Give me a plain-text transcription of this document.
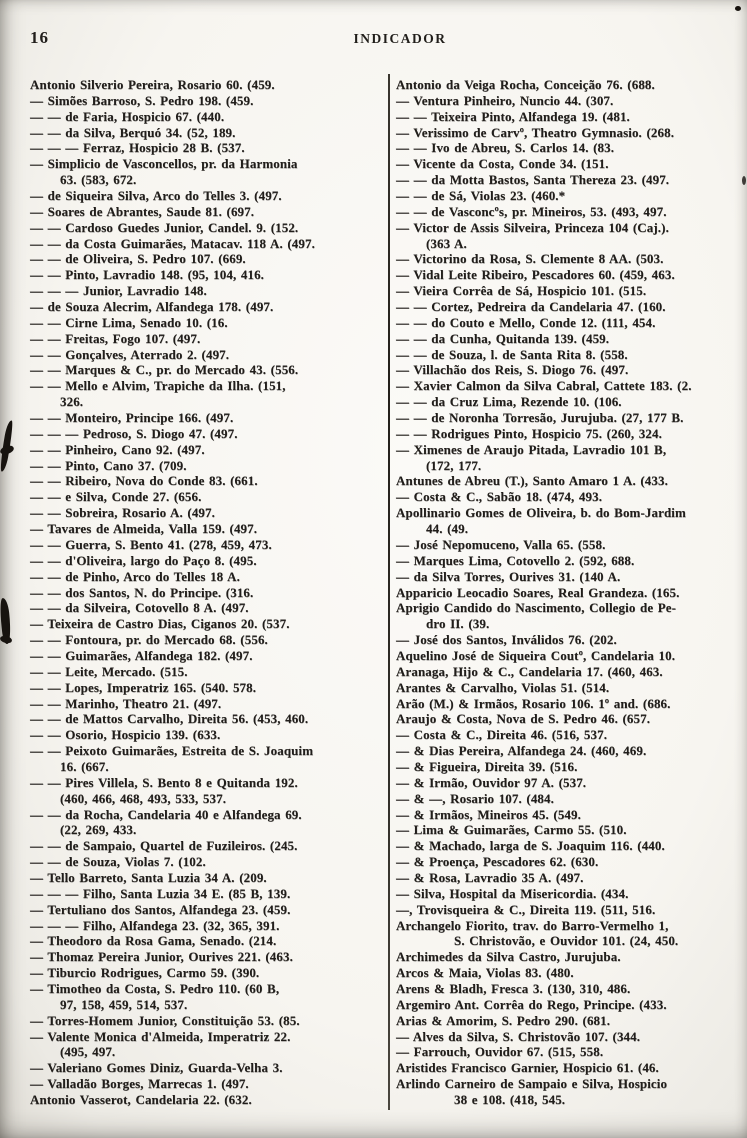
16	INDICADOR
Antonio Silverio Pereira, Rosario 60. (459.
— Simões Barroso, S. Pedro 198. (459.
— — de Faria, Hospicio 67. (440.
— — da Silva, Berquó 34. (52, 189.
— — — Ferraz, Hospicio 28 B. (537.
— Simplicio de Vasconcellos, pr. da Harmonia
63. (583, 672.
— de Siqueira Silva, Arco do Telles 3. (497.
— Soares de Abrantes, Saude 81. (697.
— — Cardoso Guedes Junior, Candel. 9. (152.
— — da Costa Guimarães, Matacav. 118 A. (497.
— — de Oliveira, S. Pedro 107. (669.
— — Pinto, Lavradio 148. (95, 104, 416.
— — — Junior, Lavradio 148.
— de Souza Alecrim, Alfandega 178. (497.
— — Cirne Lima, Senado 10. (16.
— — Freitas, Fogo 107. (497.
— — Gonçalves, Aterrado 2. (497.
— — Marques & C., pr. do Mercado 43. (556.
— — Mello e Alvim, Trapiche da Ilha. (151,
326.
— — Monteiro, Principe 166. (497.
— — — Pedroso, S. Diogo 47. (497.
— — Pinheiro, Cano 92. (497.
— — Pinto, Cano 37. (709.
— — Ribeiro, Nova do Conde 83. (661.
— — e Silva, Conde 27. (656.
— — Sobreira, Rosario A. (497.
— Tavares de Almeida, Valla 159. (497.
— — Guerra, S. Bento 41. (278, 459, 473.
— — d'Oliveira, largo do Paço 8. (495.
— — de Pinho, Arco do Telles 18 A.
— — dos Santos, N. do Principe. (316.
— — da Silveira, Cotovello 8 A. (497.
— Teixeira de Castro Dias, Ciganos 20. (537.
— — Fontoura, pr. do Mercado 68. (556.
— — Guimarães, Alfandega 182. (497.
— — Leite, Mercado. (515.
— — Lopes, Imperatriz 165. (540. 578.
— — Marinho, Theatro 21. (497.
— — de Mattos Carvalho, Direita 56. (453, 460.
— — Osorio, Hospicio 139. (633.
— — Peixoto Guimarães, Estreita de S. Joaquim
16. (667.
— — Pires Villela, S. Bento 8 e Quitanda 192.
(460, 466, 468, 493, 533, 537.
— — da Rocha, Candelaria 40 e Alfandega 69.
(22, 269, 433.
— — de Sampaio, Quartel de Fuzileiros. (245.
— — de Souza, Violas 7. (102.
— Tello Barreto, Santa Luzia 34 A. (209.
— — — Filho, Santa Luzia 34 E. (85 B, 139.
— Tertuliano dos Santos, Alfandega 23. (459.
— — — Filho, Alfandega 23. (32, 365, 391.
— Theodoro da Rosa Gama, Senado. (214.
— Thomaz Pereira Junior, Ourives 221. (463.
— Tiburcio Rodrigues, Carmo 59. (390.
— Timotheo da Costa, S. Pedro 110. (60 B,
97, 158, 459, 514, 537.
— Torres-Homem Junior, Constituição 53. (85.
— Valente Monica d'Almeida, Imperatriz 22.
(495, 497.
— Valeriano Gomes Diniz, Guarda-Velha 3.
— Valladão Borges, Marrecas 1. (497.
Antonio Vasserot, Candelaria 22. (632.
Antonio da Veiga Rocha, Conceição 76. (688.
— Ventura Pinheiro, Nuncio 44. (307.
— — Teixeira Pinto, Alfandega 19. (481.
— Verissimo de Carvº, Theatro Gymnasio. (268.
— — Ivo de Abreu, S. Carlos 14. (83.
— Vicente da Costa, Conde 34. (151.
— — da Motta Bastos, Santa Thereza 23. (497.
— — de Sá, Violas 23. (460.*
— — de Vasconcºs, pr. Mineiros, 53. (493, 497.
— Victor de Assis Silveira, Princeza 104 (Caj.).
(363 A.
— Victorino da Rosa, S. Clemente 8 AA. (503.
— Vidal Leite Ribeiro, Pescadores 60. (459, 463.
— Vieira Corrêa de Sá, Hospicio 101. (515.
— — Cortez, Pedreira da Candelaria 47. (160.
— — do Couto e Mello, Conde 12. (111, 454.
— — da Cunha, Quitanda 139. (459.
— — de Souza, l. de Santa Rita 8. (558.
— Villachão dos Reis, S. Diogo 76. (497.
— Xavier Calmon da Silva Cabral, Cattete 183. (2.
— — da Cruz Lima, Rezende 10. (106.
— — de Noronha Torresão, Jurujuba. (27, 177 B.
— — Rodrigues Pinto, Hospicio 75. (260, 324.
— Ximenes de Araujo Pitada, Lavradio 101 B,
(172, 177.
Antunes de Abreu (T.), Santo Amaro 1 A. (433.
— Costa & C., Sabão 18. (474, 493.
Apollinario Gomes de Oliveira, b. do Bom-Jardim
44. (49.
— José Nepomuceno, Valla 65. (558.
— Marques Lima, Cotovello 2. (592, 688.
— da Silva Torres, Ourives 31. (140 A.
Apparicio Leocadio Soares, Real Grandeza. (165.
Aprigio Candido do Nascimento, Collegio de Pe-
dro II. (39.
— José dos Santos, Inválidos 76. (202.
Aquelino José de Siqueira Coutº, Candelaria 10.
Aranaga, Hijo & C., Candelaria 17. (460, 463.
Arantes & Carvalho, Violas 51. (514.
Arão (M.) & Irmãos, Rosario 106. 1º and. (686.
Araujo & Costa, Nova de S. Pedro 46. (657.
— Costa & C., Direita 46. (516, 537.
— & Dias Pereira, Alfandega 24. (460, 469.
— & Figueira, Direita 39. (516.
— & Irmão, Ouvidor 97 A. (537.
— & —, Rosario 107. (484.
— & Irmãos, Mineiros 45. (549.
— Lima & Guimarães, Carmo 55. (510.
— & Machado, larga de S. Joaquim 116. (440.
— & Proença, Pescadores 62. (630.
— & Rosa, Lavradio 35 A. (497.
— Silva, Hospital da Misericordia. (434.
—, Trovisqueira & C., Direita 119. (511, 516.
Archangelo Fiorito, trav. do Barro-Vermelho 1,
S. Christovão, e Ouvidor 101. (24, 450.
Archimedes da Silva Castro, Jurujuba.
Arcos & Maia, Violas 83. (480.
Arens & Bladh, Fresca 3. (130, 310, 486.
Argemiro Ant. Corrêa do Rego, Principe. (433.
Arias & Amorim, S. Pedro 290. (681.
— Alves da Silva, S. Christovão 107. (344.
— Farrouch, Ouvidor 67. (515, 558.
Aristides Francisco Garnier, Hospicio 61. (46.
Arlindo Carneiro de Sampaio e Silva, Hospicio
38 e 108. (418, 545.
